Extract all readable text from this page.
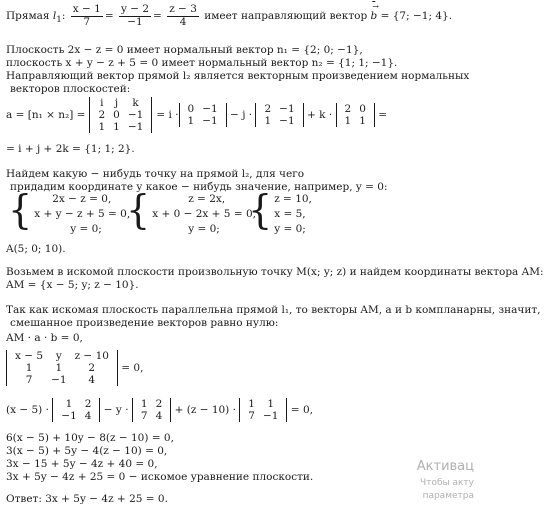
Прямая $l_1$: $\frac{x - 1}{7} = \frac{y - 2}{-1} = \frac{z - 3}{4}$ имеет направляющий вектор b → = {7; −1; 4}.
Плоскость 2x − z = 0 имеет нормальный вектор n₁ = {2; 0; −1},
плоскость x + y − z + 5 = 0 имеет нормальный вектор n₂ = {1; 1; −1}.
Направляющий вектор прямой l₂ является векторным произведением нормальных
векторов плоскостей:
a = [n₁ × n₂] =
i	j	k
2	0	−1
1	1	−1
=
i ·
0	−1
1	−1
− j ·
2	−1
1	−1
+ k ·
2	0
1	1
=
= i + j + 2k = {1; 1; 2}.
Найдем какую − нибудь точку на прямой l₂, для чего
придадим координате y какое − нибудь значение, например, y = 0:
{	2x − z = 0,
x + y − z + 5 = 0,
y = 0; {	z = 2x,
x + 0 − 2x + 5 = 0,
y = 0; { z = 10,
x = 5,
y = 0;
A(5; 0; 10).
Возьмем в искомой плоскости произвольную точку M(x; y; z) и найдем координаты вектора AM:
AM = {x − 5; y; z − 10}.
Так как искомая плоскость параллельна прямой l₁, то векторы AM, a и b компланарны, значит,
смешанное произведение векторов равно нулю:
AM · a · b = 0,
x − 5	y	z − 10
1	1	2
7	−1	4
= 0,
(x − 5) ·
1	2
−1	4
− y ·
1	2
7	4
+ (z − 10) ·
1	1
7	−1
= 0,
6(x − 5) + 10y − 8(z − 10) = 0,
3(x − 5) + 5y − 4(z − 10) = 0,
3x − 15 + 5y − 4z + 40 = 0,
3x + 5y − 4z + 25 = 0 − искомое уравнение плоскости.
Ответ: 3x + 5y − 4z + 25 = 0.
Активац
Чтобы акту
параметра
